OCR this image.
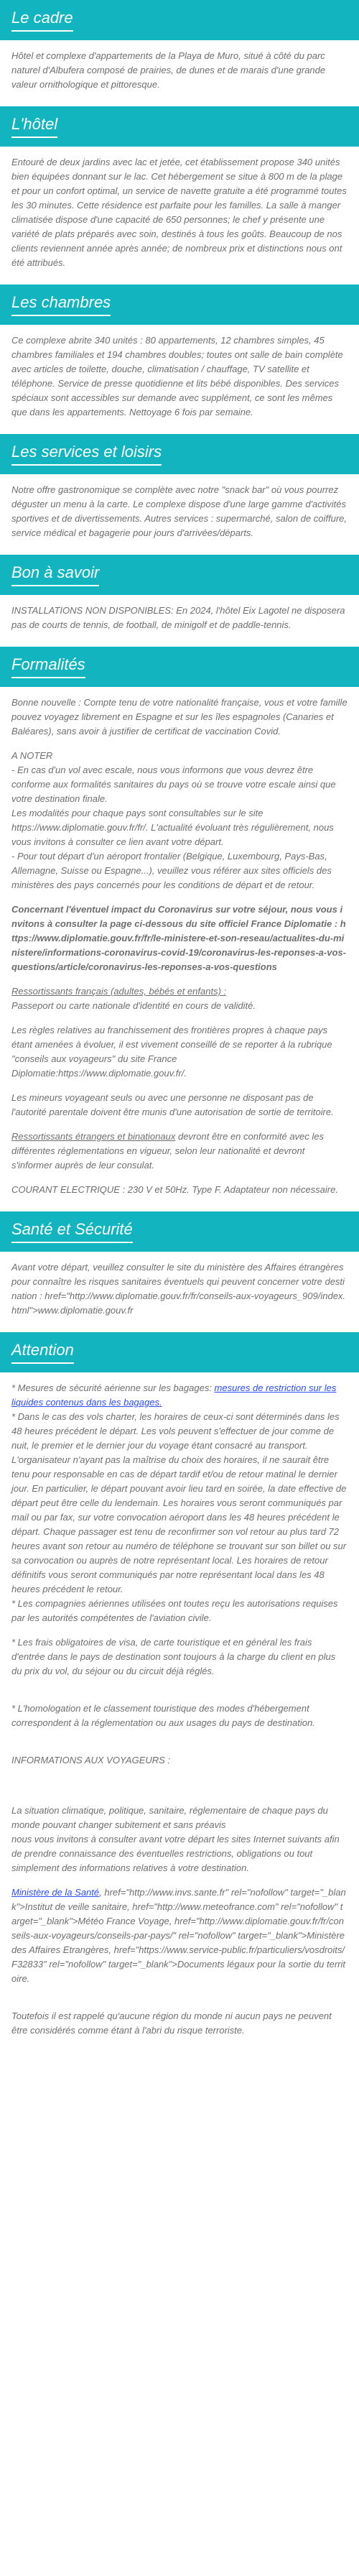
Le cadre

Hôtel et complexe d'appartements de la Playa de Muro, situé à côté du parc naturel d'Albufera composé de prairies, de dunes et de marais d'une grande valeur ornithologique et pittoresque.

L'hôtel

Entouré de deux jardins avec lac et jetée, cet établissement propose 340 unités bien équipées donnant sur le lac. Cet hébergement se situe à 800 m de la plage et pour un confort optimal, un service de navette gratuite a été programmé toutes les 30 minutes. Cette résidence est parfaite pour les familles. La salle à manger climatisée dispose d'une capacité de 650 personnes; le chef y présente une variété de plats préparés avec soin, destinés à tous les goûts. Beaucoup de nos clients reviennent année après année; de nombreux prix et distinctions nous ont été attribués.

Les chambres

Ce complexe abrite 340 unités : 80 appartements, 12 chambres simples, 45 chambres familiales et 194 chambres doubles; toutes ont salle de bain complète avec articles de toilette, douche, climatisation / chauffage, TV satellite et téléphone. Service de presse quotidienne et lits bébé disponibles. Des services spéciaux sont accessibles sur demande avec supplément, ce sont les mêmes que dans les appartements. Nettoyage 6 fois par semaine.

Les services et loisirs

Notre offre gastronomique se complète avec notre "snack bar" où vous pourrez déguster un menu à la carte. Le complexe dispose d'une large gamme d'activités sportives et de divertissements. Autres services : supermarché, salon de coiffure, service médical et bagagerie pour jours d'arrivées/départs.

Bon à savoir

INSTALLATIONS NON DISPONIBLES: En 2024, l'hôtel Eix Lagotel ne disposera pas de courts de tennis, de football, de minigolf et de paddle-tennis.

Formalités

Bonne nouvelle : Compte tenu de votre nationalité française, vous et votre famille pouvez voyagez librement en Espagne et sur les îles espagnoles (Canaries et Baléares), sans avoir à justifier de certificat de vaccination Covid.

A NOTER

- En cas d'un vol avec escale, nous vous informons que vous devrez être conforme aux formalités sanitaires du pays où se trouve votre escale ainsi que votre destination finale.

Les modalités pour chaque pays sont consultables sur le site https://www.diplomatie.gouv.fr/fr/. L'actualité évoluant très régulièrement, nous vous invitons à consulter ce lien avant votre départ.

- Pour tout départ d'un aéroport frontalier (Belgique, Luxembourg, Pays-Bas, Allemagne, Suisse ou Espagne...), veuillez vous référer aux sites officiels des ministères des pays concernés pour les conditions de départ et de retour.

Concernant l'éventuel impact du Coronavirus sur votre séjour, nous vous invitons à consulter la page ci-dessous du site officiel France Diplomatie : https://www.diplomatie.gouv.fr/fr/le-ministere-et-son-reseau/actualites-du-ministere/informations-coronavirus-covid-19/coronavirus-les-reponses-a-vos-questions/article/coronavirus-les-reponses-a-vos-questions

Ressortissants français (adultes, bébés et enfants) :

Passeport ou carte nationale d'identité en cours de validité.

Les règles relatives au franchissement des frontières propres à chaque pays étant amenées à évoluer, il est vivement conseillé de se reporter à la rubrique "conseils aux voyageurs" du site France Diplomatie:https://www.diplomatie.gouv.fr/.

Les mineurs voyageant seuls ou avec une personne ne disposant pas de l'autorité parentale doivent être munis d'une autorisation de sortie de territoire.

Ressortissants étrangers et binationaux devront être en conformité avec les différentes réglementations en vigueur, selon leur nationalité et devront s'informer auprès de leur consulat.

COURANT ELECTRIQUE : 230 V et 50Hz. Type F. Adaptateur non nécessaire.

Santé et Sécurité

Avant votre départ, veuillez consulter le site du ministère des Affaires étrangères pour connaître les risques sanitaires éventuels qui peuvent concerner votre destination : href="http://www.diplomatie.gouv.fr/fr/conseils-aux-voyageurs_909/index.html">www.diplomatie.gouv.fr

Attention

* Mesures de sécurité aérienne sur les bagages: mesures de restriction sur les liquides contenus dans les bagages.

* Dans le cas des vols charter, les horaires de ceux-ci sont déterminés dans les 48 heures précédent le départ. Les vols peuvent s'effectuer de jour comme de nuit, le premier et le dernier jour du voyage étant consacré au transport. L'organisateur n'ayant pas la maîtrise du choix des horaires, il ne saurait être tenu pour responsable en cas de départ tardif et/ou de retour matinal le dernier jour. En particulier, le départ pouvant avoir lieu tard en soirée, la date effective de départ peut être celle du lendemain. Les horaires vous seront communiqués par mail ou par fax, sur votre convocation aéroport dans les 48 heures précédent le départ. Chaque passager est tenu de reconfirmer son vol retour au plus tard 72 heures avant son retour au numéro de téléphone se trouvant sur son billet ou sur sa convocation ou auprès de notre représentant local. Les horaires de retour définitifs vous seront communiqués par notre représentant local dans les 48 heures précédent le retour.

* Les compagnies aériennes utilisées ont toutes reçu les autorisations requises par les autorités compétentes de l'aviation civile.

* Les frais obligatoires de visa, de carte touristique et en général les frais d'entrée dans le pays de destination sont toujours à la charge du client en plus du prix du vol, du séjour ou du circuit déjà réglés.

* L'homologation et le classement touristique des modes d'hébergement correspondent à la réglementation ou aux usages du pays de destination.

INFORMATIONS AUX VOYAGEURS :

La situation climatique, politique, sanitaire, réglementaire de chaque pays du monde pouvant changer subitement et sans préavis

nous vous invitons à consulter avant votre départ les sites Internet suivants afin de prendre connaissance des éventuelles restrictions, obligations ou tout simplement des informations relatives à votre destination.

Ministère de la Santé, href="http://www.invs.sante.fr" rel="nofollow" target="_blank">Institut de veille sanitaire, href="http://www.meteofrance.com" rel="nofollow" target="_blank">Météo France Voyage, href="http://www.diplomatie.gouv.fr/fr/conseils-aux-voyageurs/conseils-par-pays/" rel="nofollow" target="_blank">Ministère des Affaires Etrangères, href="https://www.service-public.fr/particuliers/vosdroits/F32833" rel="nofollow" target="_blank">Documents légaux pour la sortie du territoire.

Toutefois il est rappelé qu'aucune région du monde ni aucun pays ne peuvent être considérés comme étant à l'abri du risque terroriste.
